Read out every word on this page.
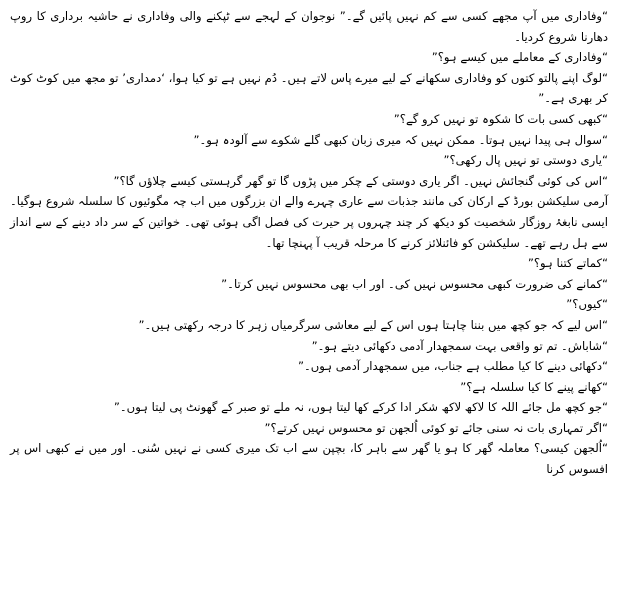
“وفاداری میں آپ مجھے کسی سے کم نہیں پائیں گے۔” نوجوان کے لہجے سے ٹپکنے والی وفاداری نے حاشیہ برداری کا روپ دھارنا شروع کردیا۔

“وفاداری کے معاملے میں کیسے ہو؟”

“لوگ اپنے پالتو کتوں کو وفاداری سکھانے کے لیے میرے پاس لاتے ہیں۔ دُم نہیں ہے تو کیا ہوا، ‘دمداری’ تو مجھ میں کوٹ کوٹ کر بھری ہے۔”

“کبھی کسی بات کا شکوہ تو نہیں کرو گے؟”

“سوال ہی پیدا نہیں ہوتا۔ ممکن نہیں کہ میری زبان کبھی گلے شکوے سے آلودہ ہو۔”

“یاری دوستی تو نہیں پال رکھی؟”

“اس کی کوئی گنجائش نہیں۔ اگر یاری دوستی کے چکر میں پڑوں گا تو گھر گرہستی کیسے چلاؤں گا؟”

آرمی سلیکشن بورڈ کے ارکان کی مانند جذبات سے عاری چہرے والے ان بزرگوں میں اب چہ مگوئیوں کا سلسلہ شروع ہوگیا۔ ایسی نابغۂ روزگار شخصیت کو دیکھ کر چند چہروں پر حیرت کی فصل اگی ہوئی تھی۔ خواتین کے سر داد دینے کے سے انداز سے ہل رہے تھے۔ سلیکشن کو فائنلائز کرنے کا مرحلہ قریب آ پہنچا تھا۔

“کماتے کتنا ہو؟”

“کمانے کی ضرورت کبھی محسوس نہیں کی۔ اور اب بھی محسوس نہیں کرتا۔”

“کیوں؟”

“اس لیے کہ جو کچھ میں بننا چاہتا ہوں اس کے لیے معاشی سرگرمیاں زہر کا درجہ رکھتی ہیں۔”

“شاباش۔ تم تو واقعی بہت سمجھدار آدمی دکھائی دیتے ہو۔”

“دکھائی دینے کا کیا مطلب ہے جناب، میں سمجھدار آدمی ہوں۔”

“کھانے پینے کا کیا سلسلہ ہے؟”

“جو کچھ مل جائے اللہ کا لاکھ لاکھ شکر ادا کرکے کھا لیتا ہوں، نہ ملے تو صبر کے گھونٹ پی لیتا ہوں۔”

“اگر تمہاری بات نہ سنی جائے تو کوئی اُلجھن تو محسوس نہیں کرتے؟”

“اُلجھن کیسی؟ معاملہ گھر کا ہو یا گھر سے باہر کا، بچپن سے اب تک میری کسی نے نہیں سُنی۔ اور میں نے کبھی اس پر افسوس کرنا
